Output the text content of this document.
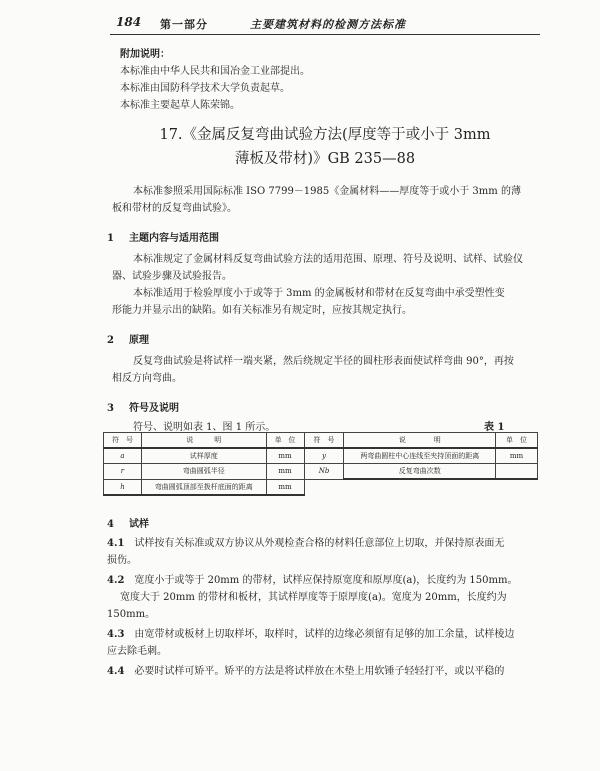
184 第一部分	主要建筑材料的检测方法标准
附加说明：
本标准由中华人民共和国冶金工业部提出。
本标准由国防科学技术大学负责起草。
本标准主要起草人陈荣锦。
17.《金属反复弯曲试验方法(厚度等于或小于 3mm
薄板及带材)》GB 235—88
本标准参照采用国际标准 ISO 7799－1985《金属材料——厚度等于或小于 3mm 的薄
板和带材的反复弯曲试验》。
1 主题内容与适用范围
本标准规定了金属材料反复弯曲试验方法的适用范围、原理、符号及说明、试样、试验仪
器、试验步骤及试验报告。
本标准适用于检验厚度小于或等于 3mm 的金属板材和带材在反复弯曲中承受塑性变
形能力并显示出的缺陷。如有关标准另有规定时，应按其规定执行。
2 原理
反复弯曲试验是将试样一端夹紧，然后绕规定半径的圆柱形表面使试样弯曲 90°，再按
相反方向弯曲。
3 符号及说明
符号、说明如表 1、图 1 所示。	表 1
符　号	说　　　明	单　位	符　号	说　　　　明	单　位
a	试样厚度	mm	y	两弯曲圆柱中心连线至夹持顶面的距离	mm
r	弯曲圆弧半径	mm	Nb	反复弯曲次数	
h	弯曲圆弧顶部至拨杆底面的距离	mm			
4 试样
4.1　 试样按有关标准或双方协议从外观检查合格的材料任意部位上切取，并保持原表面无
损伤。
4.2　 宽度小于或等于 20mm 的带材，试样应保持原宽度和原厚度(a)，长度约为 150mm。
宽度大于 20mm 的带材和板材，其试样厚度等于原厚度(a)。宽度为 20mm，长度约为
150mm。
4.3　 由宽带材或板材上切取样坏，取样时，试样的边缘必须留有足够的加工余量，试样棱边
应去除毛刺。
4.4　 必要时试样可矫平。矫平的方法是将试样放在木垫上用软锤子轻轻打平，或以平稳的
